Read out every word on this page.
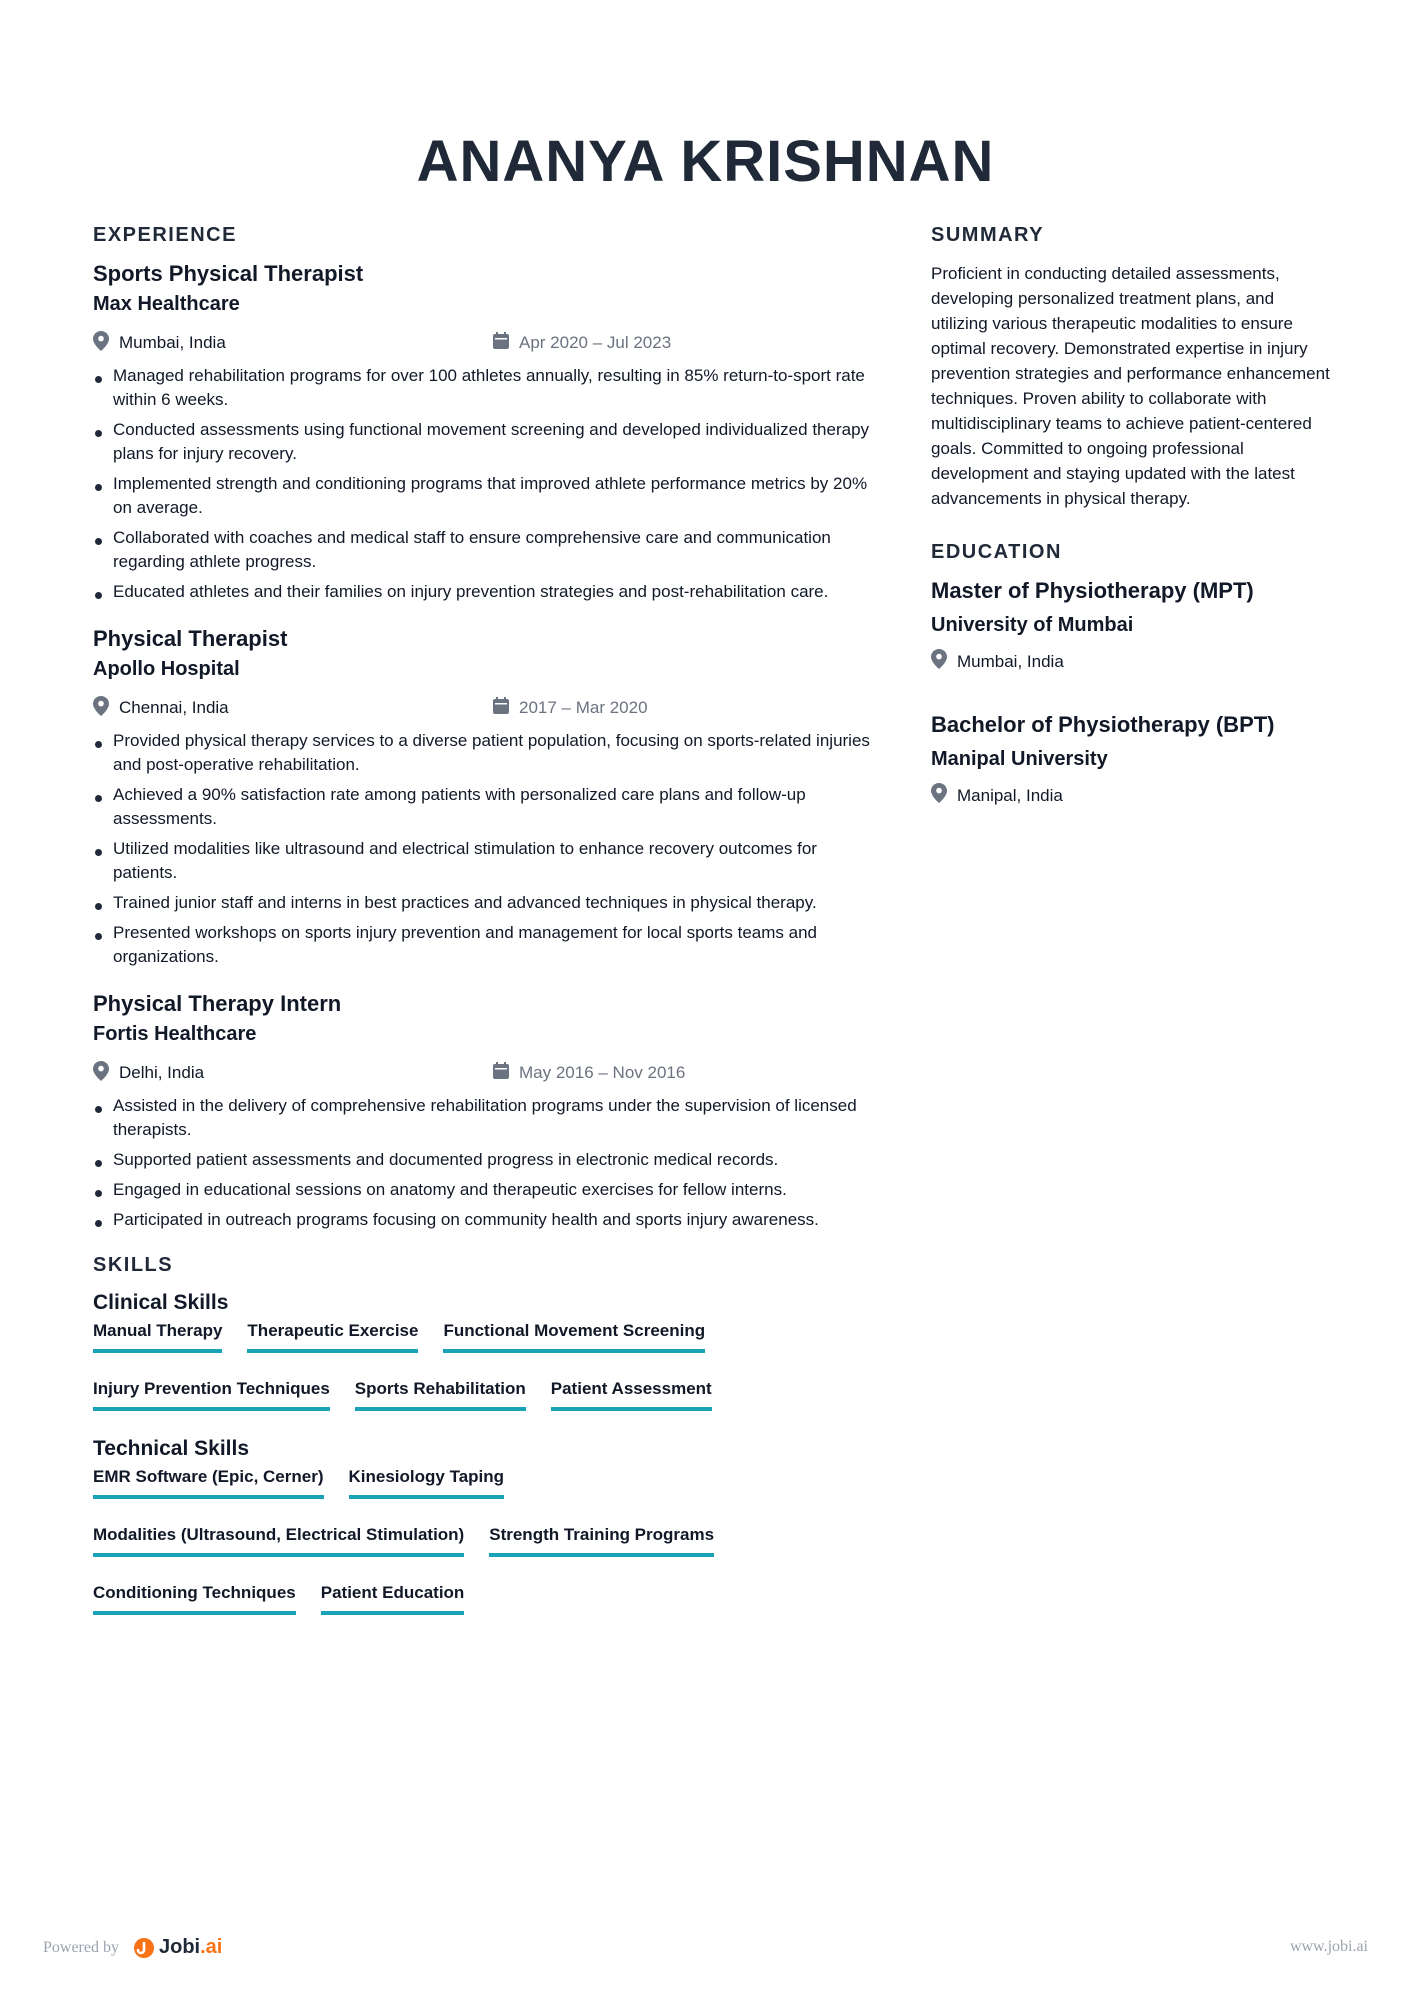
ANANYA KRISHNAN
EXPERIENCE
Sports Physical Therapist
Max Healthcare
Mumbai, India	Apr 2020 – Jul 2023
Managed rehabilitation programs for over 100 athletes annually, resulting in 85% return-to-sport rate within 6 weeks.
Conducted assessments using functional movement screening and developed individualized therapy plans for injury recovery.
Implemented strength and conditioning programs that improved athlete performance metrics by 20% on average.
Collaborated with coaches and medical staff to ensure comprehensive care and communication regarding athlete progress.
Educated athletes and their families on injury prevention strategies and post-rehabilitation care.
Physical Therapist
Apollo Hospital
Chennai, India	2017 – Mar 2020
Provided physical therapy services to a diverse patient population, focusing on sports-related injuries and post-operative rehabilitation.
Achieved a 90% satisfaction rate among patients with personalized care plans and follow-up assessments.
Utilized modalities like ultrasound and electrical stimulation to enhance recovery outcomes for patients.
Trained junior staff and interns in best practices and advanced techniques in physical therapy.
Presented workshops on sports injury prevention and management for local sports teams and organizations.
Physical Therapy Intern
Fortis Healthcare
Delhi, India	May 2016 – Nov 2016
Assisted in the delivery of comprehensive rehabilitation programs under the supervision of licensed therapists.
Supported patient assessments and documented progress in electronic medical records.
Engaged in educational sessions on anatomy and therapeutic exercises for fellow interns.
Participated in outreach programs focusing on community health and sports injury awareness.
SKILLS
Clinical Skills
Manual Therapy Therapeutic Exercise Functional Movement Screening
Injury Prevention Techniques Sports Rehabilitation Patient Assessment
Technical Skills
EMR Software (Epic, Cerner) Kinesiology Taping
Modalities (Ultrasound, Electrical Stimulation) Strength Training Programs
Conditioning Techniques Patient Education
SUMMARY

Proficient in conducting detailed assessments, developing personalized treatment plans, and utilizing various therapeutic modalities to ensure optimal recovery. Demonstrated expertise in injury prevention strategies and performance enhancement techniques. Proven ability to collaborate with multidisciplinary teams to achieve patient-centered goals. Committed to ongoing professional development and staying updated with the latest advancements in physical therapy.

EDUCATION
Master of Physiotherapy (MPT)
University of Mumbai
Mumbai, India
Bachelor of Physiotherapy (BPT)
Manipal University
Manipal, India
Powered by Jobi .ai	www.jobi.ai
